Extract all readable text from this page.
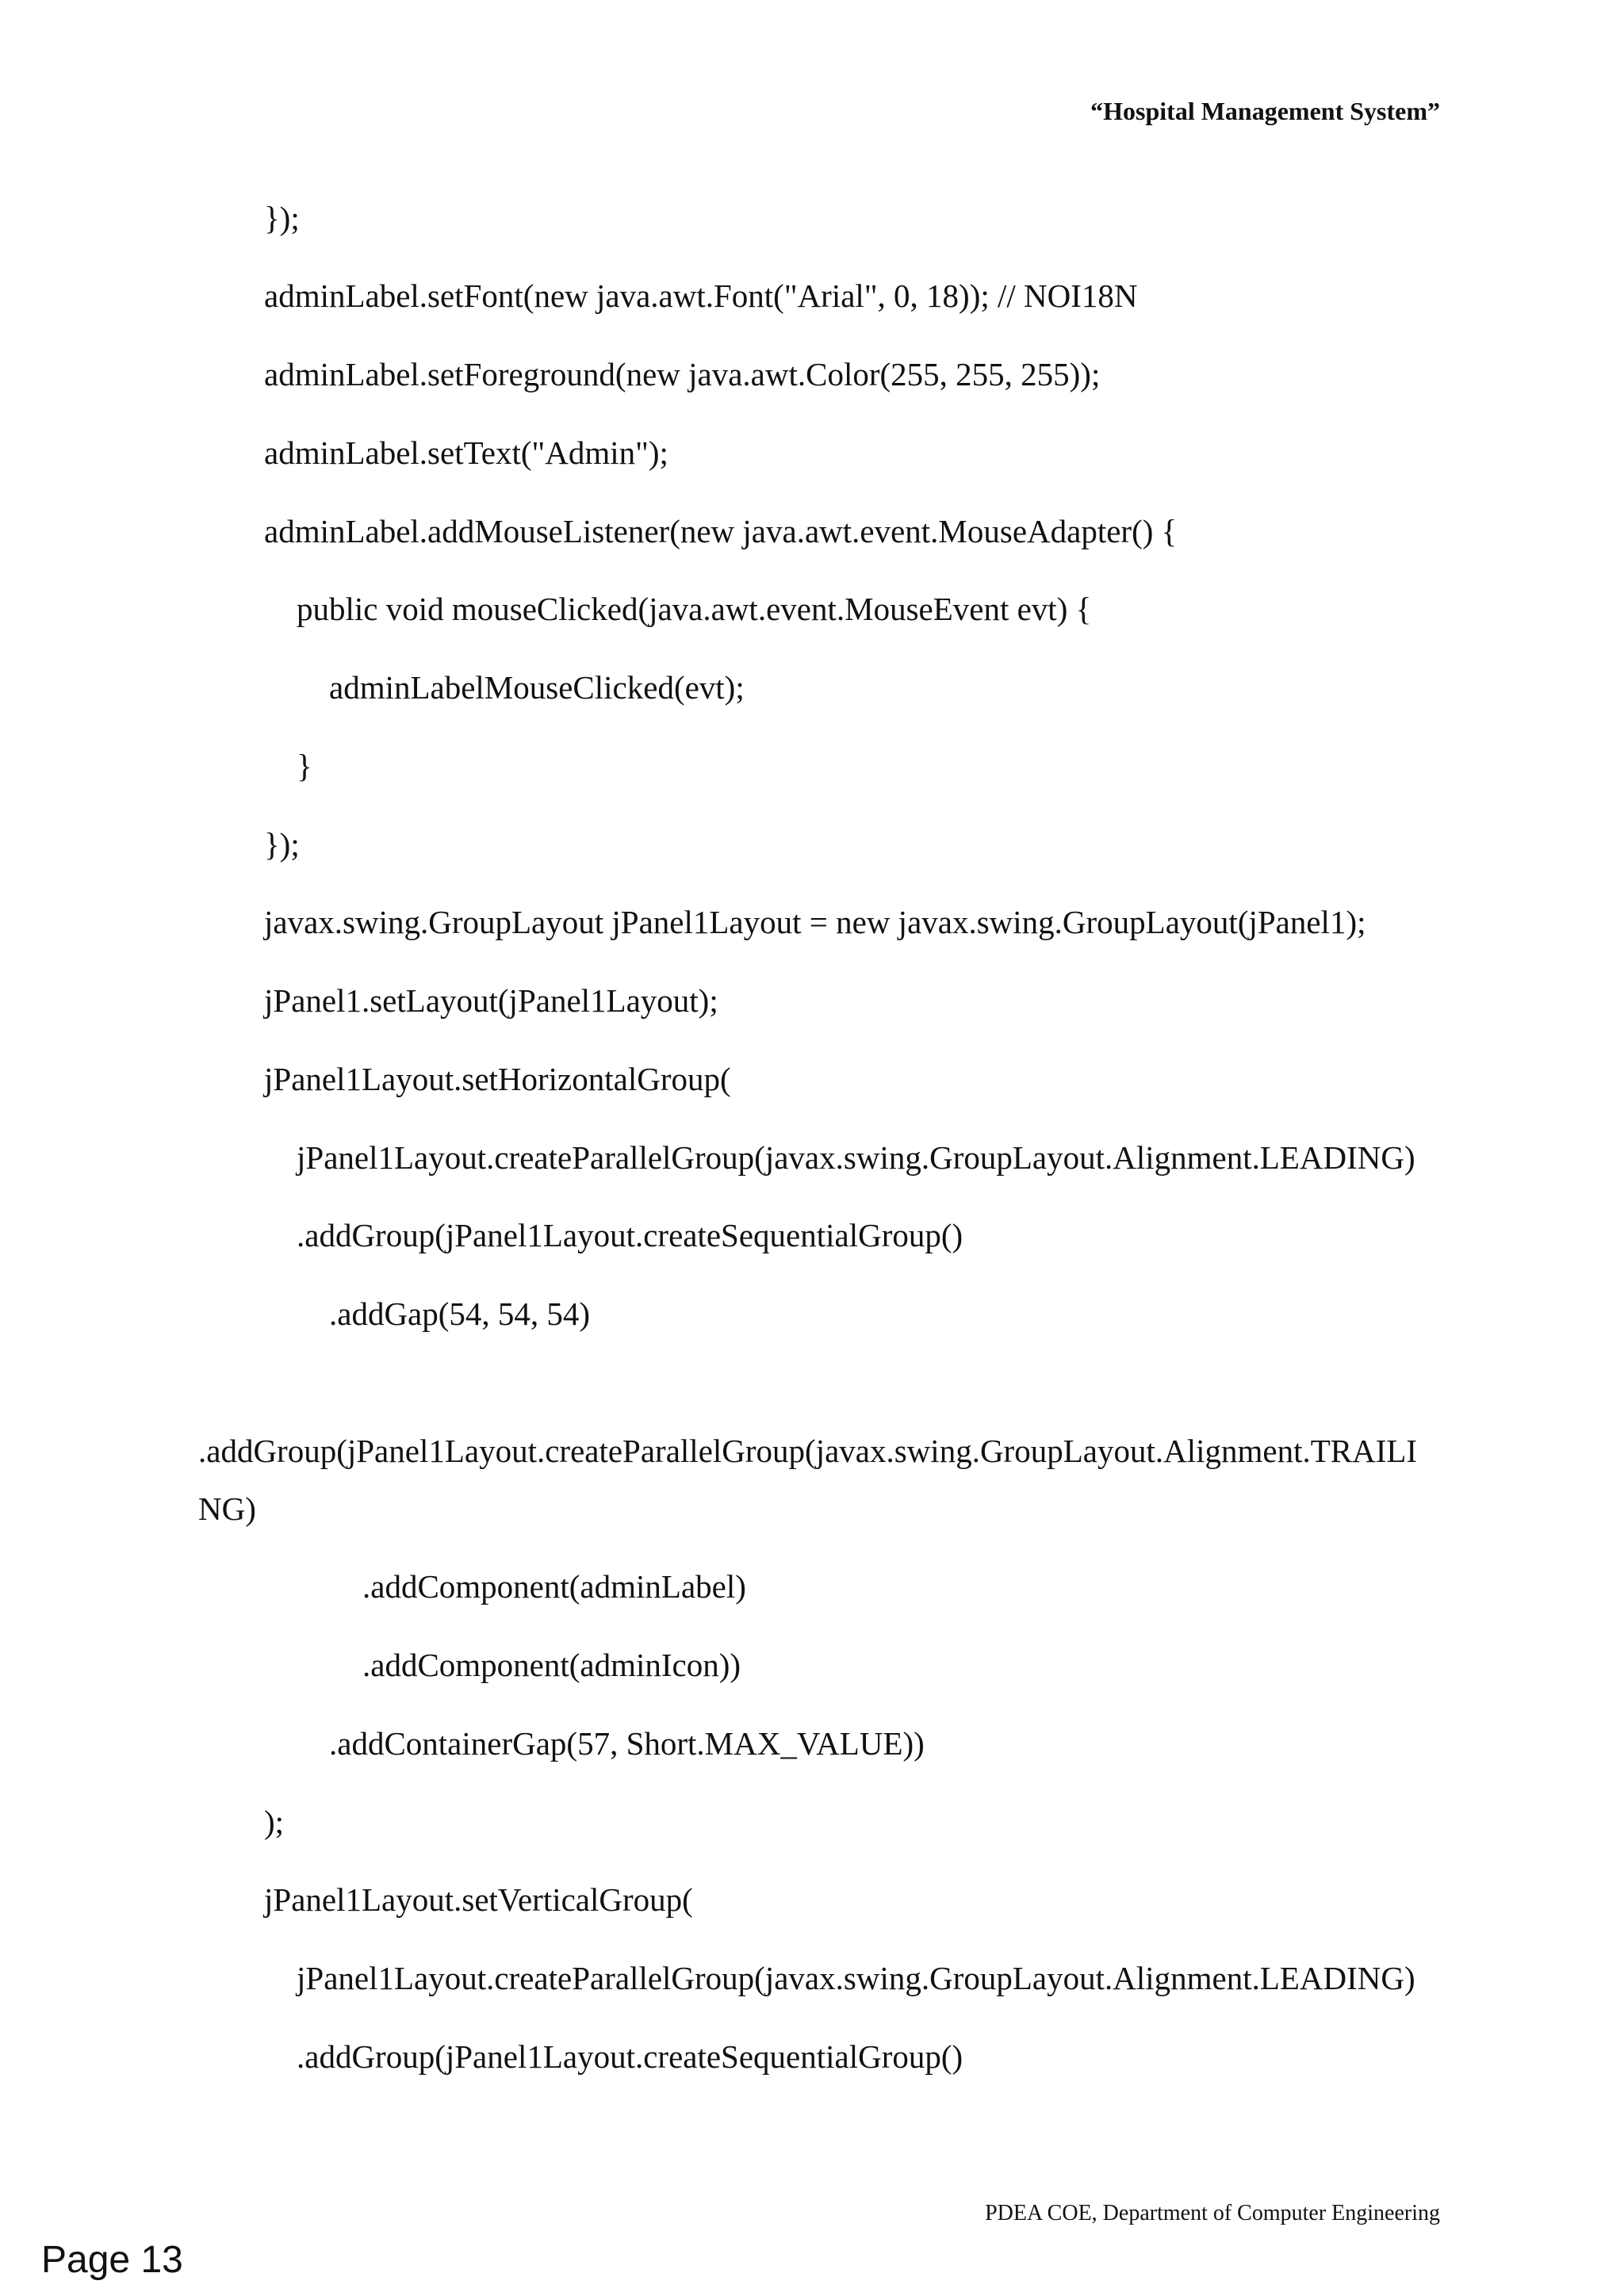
“Hospital Management System”
});
adminLabel.setFont(new java.awt.Font("Arial", 0, 18)); // NOI18N
adminLabel.setForeground(new java.awt.Color(255, 255, 255));
adminLabel.setText("Admin");
adminLabel.addMouseListener(new java.awt.event.MouseAdapter() {
public void mouseClicked(java.awt.event.MouseEvent evt) {
adminLabelMouseClicked(evt);
}
});
javax.swing.GroupLayout jPanel1Layout = new javax.swing.GroupLayout(jPanel1);
jPanel1.setLayout(jPanel1Layout);
jPanel1Layout.setHorizontalGroup(
jPanel1Layout.createParallelGroup(javax.swing.GroupLayout.Alignment.LEADING)
.addGroup(jPanel1Layout.createSequentialGroup()
.addGap(54, 54, 54)
.addGroup(jPanel1Layout.createParallelGroup(javax.swing.GroupLayout.Alignment.TRAILI
NG)
.addComponent(adminLabel)
.addComponent(adminIcon))
.addContainerGap(57, Short.MAX_VALUE))
);
jPanel1Layout.setVerticalGroup(
jPanel1Layout.createParallelGroup(javax.swing.GroupLayout.Alignment.LEADING)
.addGroup(jPanel1Layout.createSequentialGroup()
PDEA COE, Department of Computer Engineering
Page 13
